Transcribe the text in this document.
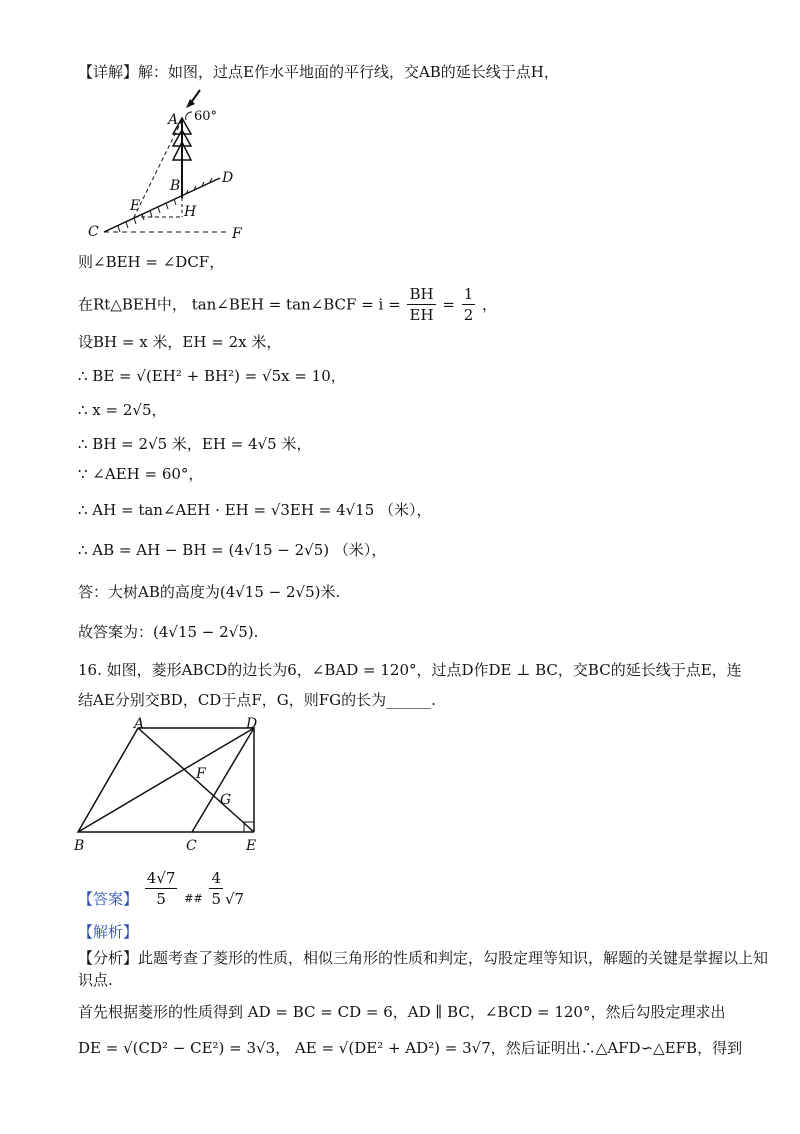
【详解】解：如图，过点E作水平地面的平行线，交AB的延长线于点H，
A 60°
B	D
E	H
C	F
则∠BEH = ∠DCF，
在Rt△BEH中， tan∠BEH = tan∠BCF = $i = \frac{BH}{EH} = \frac{1}{2}$ ，
设BH = x 米，EH = 2x 米，
∴ BE = √(EH² + BH²) = √5x = 10，
∴ x = 2√5，
∴ BH = 2√5 米，EH = 4√5 米，
∵ ∠AEH = 60°，
∴ AH = tan∠AEH · EH = √3EH = 4√15 （米），
∴ AB = AH − BH = (4√15 − 2√5) （米），
答：大树AB的高度为(4√15 − 2√5)米.
故答案为：(4√15 − 2√5).
16. 如图，菱形ABCD的边长为6，∠BAD = 120°，过点D作DE ⊥ BC，交BC的延长线于点E，连
结AE分别交BD，CD于点F，G，则FG的长为______.
A	D
F
G
B	C	E
【答案】 $\frac{4√7}{5}$ ## $\frac{4}{5} √7$
【解析】
【分析】此题考查了菱形的性质，相似三角形的性质和判定，勾股定理等知识，解题的关键是掌握以上知
识点.
首先根据菱形的性质得到 AD = BC = CD = 6，AD ∥ BC，∠BCD = 120°，然后勾股定理求出
DE = √(CD² − CE²) = 3√3， AE = √(DE² + AD²) = 3√7，然后证明出∴△AFD∽△EFB，得到
